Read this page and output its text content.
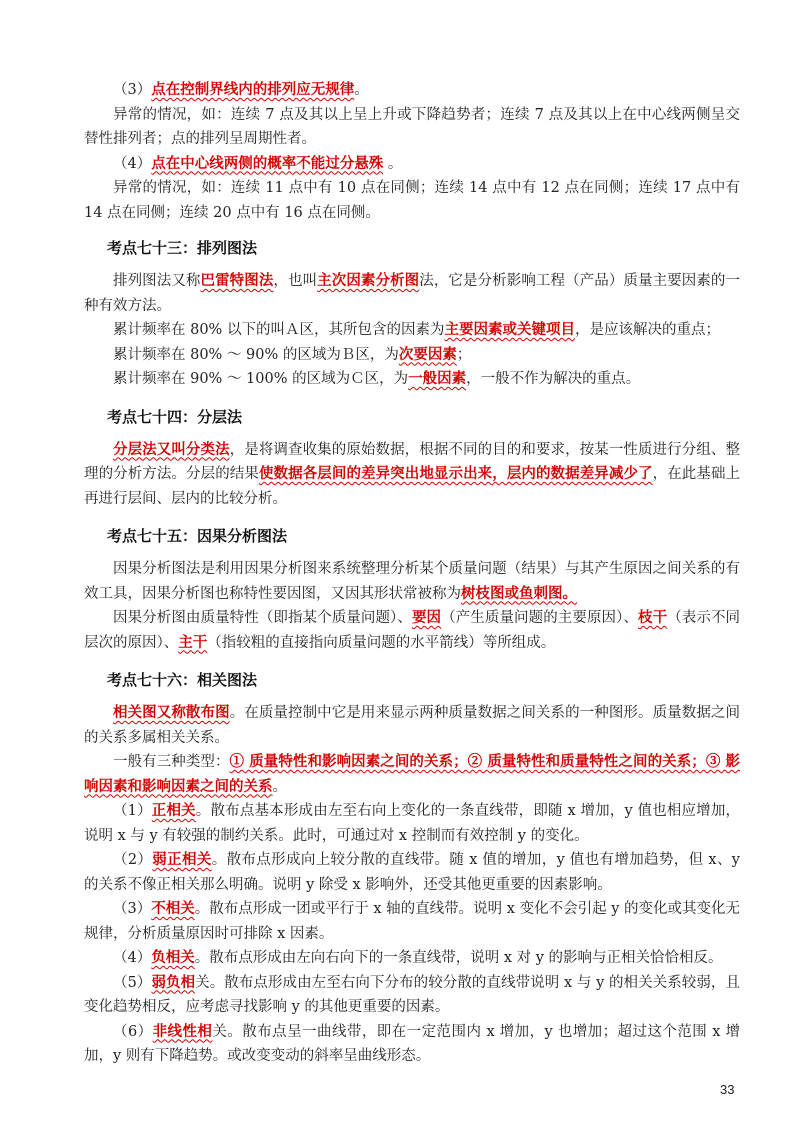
（3）点在控制界线内的排列应无规律。

异常的情况，如：连续 7 点及其以上呈上升或下降趋势者；连续 7 点及其以上在中心线两侧呈交替性排列者；点的排列呈周期性者。

（4）点在中心线两侧的概率不能过分悬殊 。

异常的情况，如：连续 11 点中有 10 点在同侧；连续 14 点中有 12 点在同侧；连续 17 点中有 14 点在同侧；连续 20 点中有 16 点在同侧。

考点七十三：排列图法

排列图法又称巴雷特图法，也叫主次因素分析图法，它是分析影响工程（产品）质量主要因素的一种有效方法。

累计频率在 80% 以下的叫Ａ区，其所包含的因素为主要因素或关键项目，是应该解决的重点；

累计频率在 80% ～ 90% 的区域为Ｂ区，为次要因素；

累计频率在 90% ～ 100% 的区域为Ｃ区，为一般因素，一般不作为解决的重点。

考点七十四：分层法

分层法又叫分类法，是将调查收集的原始数据，根据不同的目的和要求，按某一性质进行分组、整理的分析方法。分层的结果使数据各层间的差异突出地显示出来，层内的数据差异减少了，在此基础上再进行层间、层内的比较分析。

考点七十五：因果分析图法

因果分析图法是利用因果分析图来系统整理分析某个质量问题（结果）与其产生原因之间关系的有效工具，因果分析图也称特性要因图，又因其形状常被称为树枝图或鱼刺图。

因果分析图由质量特性（即指某个质量问题）、要因（产生质量问题的主要原因）、枝干（表示不同层次的原因）、主干（指较粗的直接指向质量问题的水平箭线）等所组成。

考点七十六：相关图法

相关图又称散布图。在质量控制中它是用来显示两种质量数据之间关系的一种图形。质量数据之间的关系多属相关关系。

一般有三种类型：① 质量特性和影响因素之间的关系；② 质量特性和质量特性之间的关系；③ 影响因素和影响因素之间的关系。

（1）正相关。散布点基本形成由左至右向上变化的一条直线带，即随 x 增加，y 值也相应增加，说明 x 与 y 有较强的制约关系。此时，可通过对 x 控制而有效控制 y 的变化。

（2）弱正相关。散布点形成向上较分散的直线带。随 x 值的增加，y 值也有增加趋势，但 x、y 的关系不像正相关那么明确。说明 y 除受 x 影响外，还受其他更重要的因素影响。

（3）不相关。散布点形成一团或平行于 x 轴的直线带。说明 x 变化不会引起 y 的变化或其变化无规律，分析质量原因时可排除 x 因素。

（4）负相关。散布点形成由左向右向下的一条直线带，说明 x 对 y 的影响与正相关恰恰相反。

（5）弱负相关。散布点形成由左至右向下分布的较分散的直线带说明 x 与 y 的相关关系较弱，且变化趋势相反，应考虑寻找影响 y 的其他更重要的因素。

（6）非线性相关。散布点呈一曲线带，即在一定范围内 x 增加，y 也增加；超过这个范围 x 增加，y 则有下降趋势。或改变变动的斜率呈曲线形态。

33
